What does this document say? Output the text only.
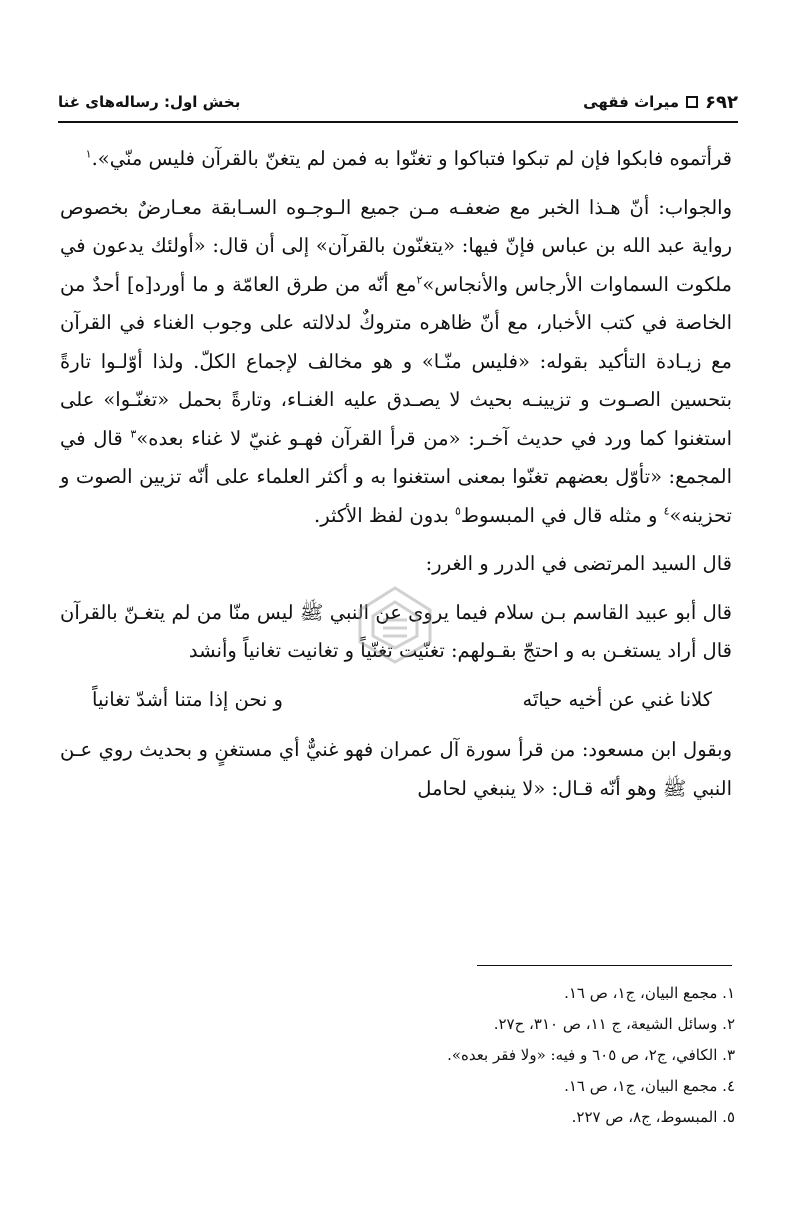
۶۹۲
میراث فقهی
بخش اول: رساله‌های غنا

قرأتموه فابكوا فإن لم تبكوا فتباكوا و تغنّوا به فمن لم يتغنّ بالقرآن فليس منّي».$^١$

والجواب: أنّ هـذا الخبر مع ضعفـه مـن جميع الـوجـوه السـابقة معـارضٌ بخصوص رواية عبد الله بن عباس فإنّ فيها: «يتغنّون بالقرآن» إلى أن قال: «أولئك يدعون في ملكوت السماوات الأرجاس والأنجاس»$^٢$مع أنّه من طرق العامّة و ما أورد[ه] أحدٌ من الخاصة في كتب الأخبار، مع أنّ ظاهره متروكٌ لدلالته على وجوب الغناء في القرآن مع زيـادة التأكيد بقوله: «فليس منّـا» و هو مخالف لإجماع الكلّ. ولذا أوّلـوا تارةً بتحسين الصـوت و تزيينـه بحيث لا يصـدق عليه الغنـاء، وتارةً بحمل «تغنّـوا» على استغنوا كما ورد في حديث آخـر: «من قرأ القرآن فهـو غنيّ لا غناء بعده»$^٣$ قال في المجمع: «تأوّل بعضهم تغنّوا بمعنى استغنوا به و أكثر العلماء على أنّه تزيين الصوت و تحزينه»$^٤$ و مثله قال في المبسوط$^٥$ بدون لفظ الأكثر.

قال السيد المرتضى في الدرر و الغرر:

قال أبو عبيد القاسم بـن سلام فيما يروى عن النبي ﷺ ليس منّا من لم يتغـنّ بالقرآن قال أراد يستغـن به و احتجّ بقـولهم: تغنّيت تغنّياً و تغانيت تغانياً وأنشد

كلانا غني عن أخيه حياتَه
و نحن إذا متنا أشدّ تغانياً

وبقول ابن مسعود: من قرأ سورة آل عمران فهو غنيٌّ أي مستغنٍ و بحديث روي عـن النبي ﷺ وهو أنّه قـال: «لا ينبغي لحامل

١. مجمع البيان، ج١، ص ١٦.

٢. وسائل الشيعة، ج ١١، ص ٣١٠، ح٢٧.

٣. الكافي، ج٢، ص ٦٠٥ و فيه: «ولا فقر بعده».

٤. مجمع البيان، ج١، ص ١٦.

٥. المبسوط، ج٨، ص ٢٢٧.
